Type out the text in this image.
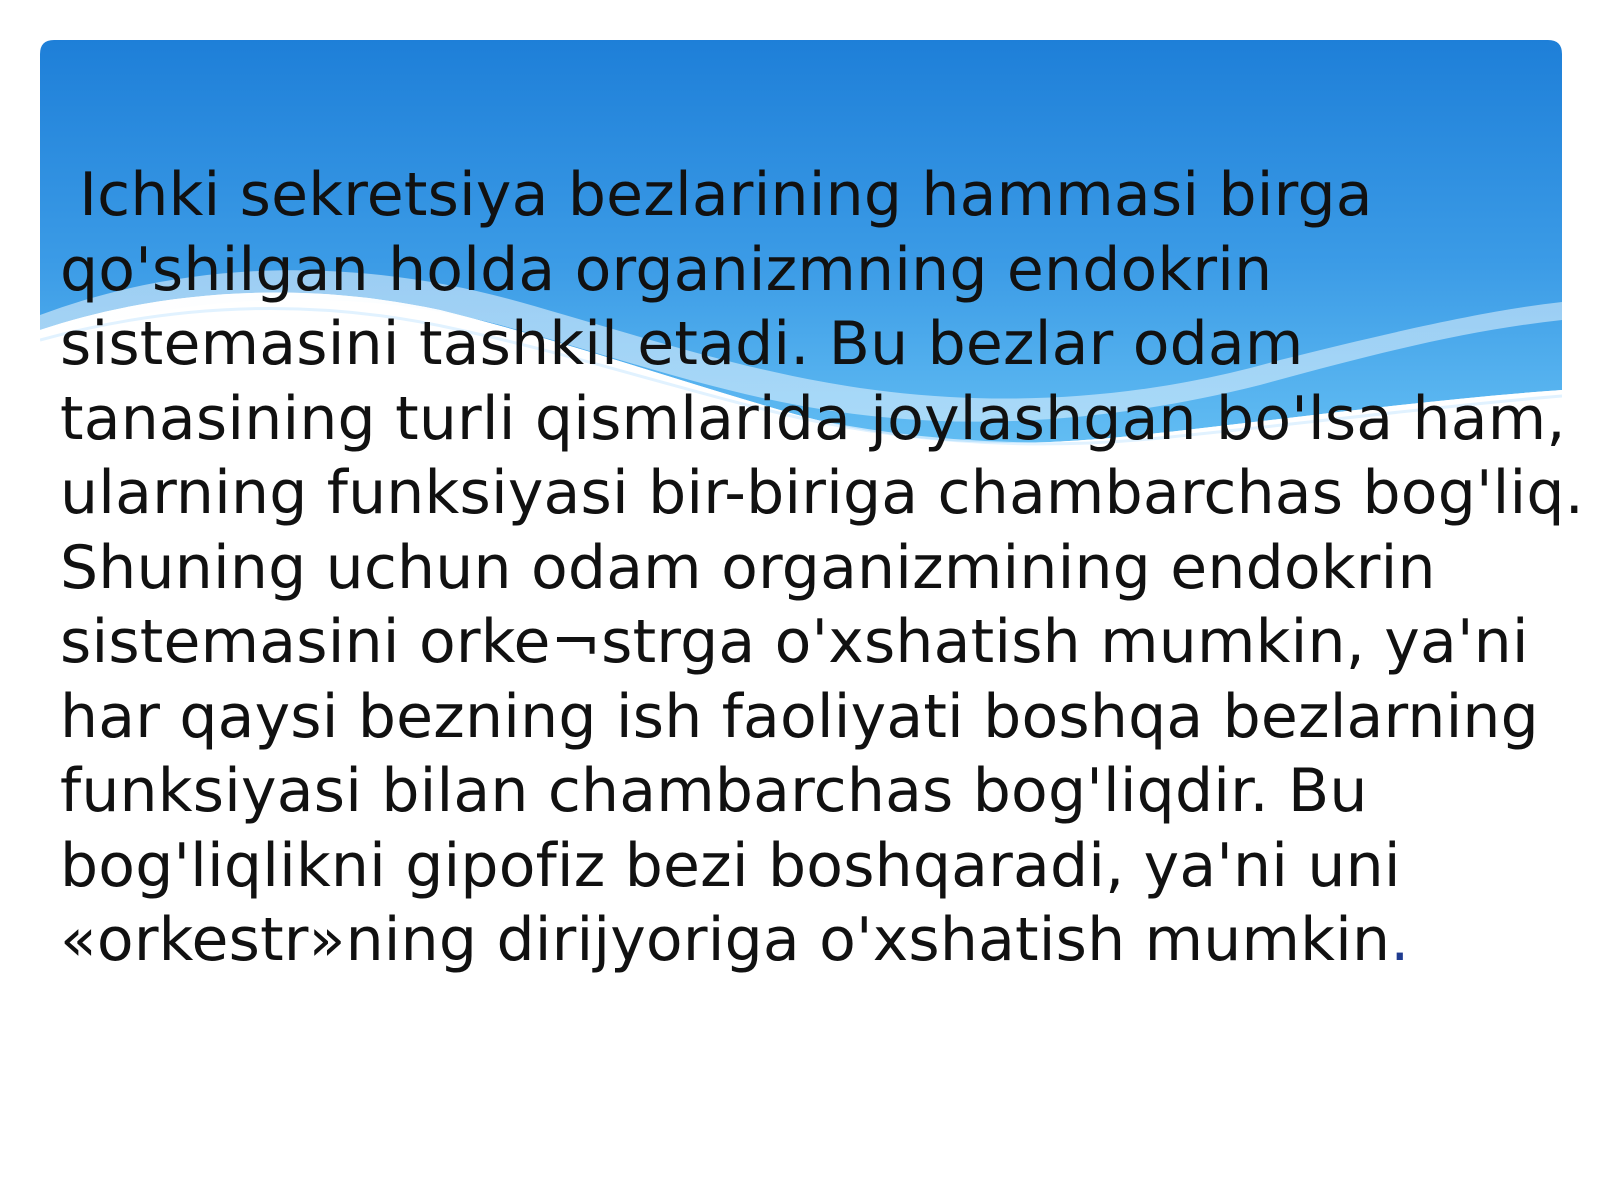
Ichki sekretsiya bezlarining hammasi birga
qo'shilgan holda organizmning endokrin
sistemasini tashkil etadi. Bu bezlar odam
tanasining turli qismlarida joylashgan bo'lsa ham,
ularning funksiyasi bir-biriga chambarchas bog'liq.
Shuning uchun odam organizmining endokrin
sistemasini orke¬strga o'xshatish mumkin, ya'ni
har qaysi bezning ish faoliyati boshqa bezlarning
funksiyasi bilan chambarchas bog'liqdir. Bu
bog'liqlikni gipofiz bezi boshqaradi, ya'ni uni
«orkestr»ning dirijyoriga o'xshatish mumkin.
